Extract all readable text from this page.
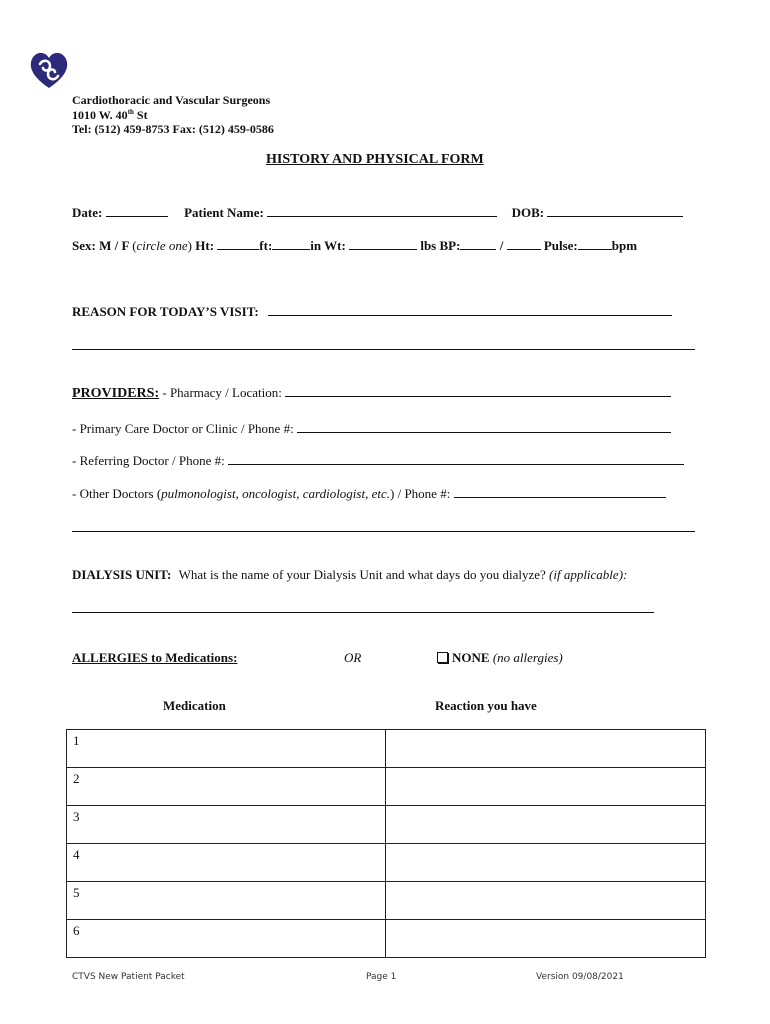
Cardiothoracic and Vascular Surgeons
1010 W. 40th St
Tel: (512) 459-8753 Fax: (512) 459-0586
HISTORY AND PHYSICAL FORM
Date:	Patient Name:	DOB:
Sex: M / F (circle one) Ht:	ft:	in Wt:	lbs BP:	/	Pulse:	bpm
REASON FOR TODAY’S VISIT:
PROVIDERS: - Pharmacy / Location:
- Primary Care Doctor or Clinic / Phone #:
- Referring Doctor / Phone #:
- Other Doctors (pulmonologist, oncologist, cardiologist, etc.) / Phone #:
DIALYSIS UNIT: What is the name of your Dialysis Unit and what days do you dialyze? (if applicable):
ALLERGIES to Medications:	OR	NONE (no allergies)
Medication	Reaction you have
1	
2	
3	
4	
5	
6	
CTVS New Patient Packet	Page 1	Version 09/08/2021
